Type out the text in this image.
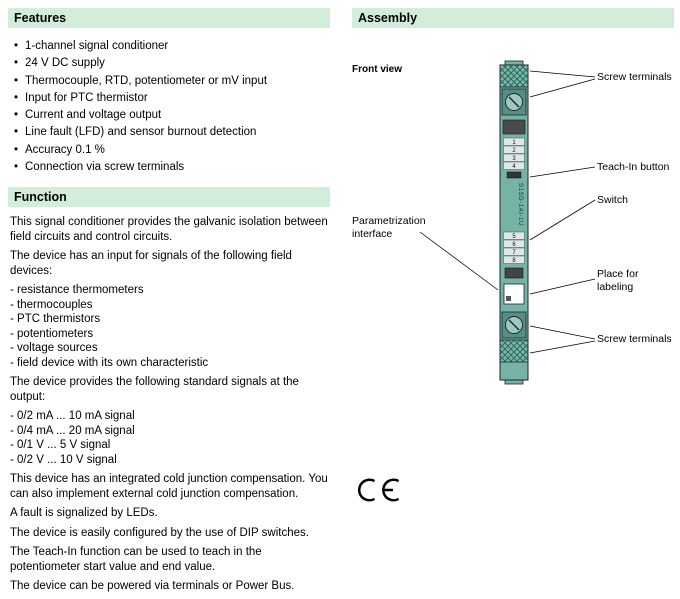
Features
• 1-channel signal conditioner
• 24 V DC supply
• Thermocouple, RTD, potentiometer or mV input
• Input for PTC thermistor
• Current and voltage output
• Line fault (LFD) and sensor burnout detection
• Accuracy 0.1 %
• Connection via screw terminals
Function
This signal conditioner provides the galvanic isolation between field circuits and control circuits.
The device has an input for signals of the following field devices:
- resistance thermometers
- thermocouples
- PTC thermistors
- potentiometers
- voltage sources
- field device with its own characteristic
The device provides the following standard signals at the output:
- 0/2 mA ... 10 mA signal
- 0/4 mA ... 20 mA signal
- 0/1 V ... 5 V signal
- 0/2 V ... 10 V signal
This device has an integrated cold junction compensation. You can also implement external cold junction compensation.
A fault is signalized by LEDs.
The device is easily configured by the use of DIP switches.
The Teach-In function can be used to teach in the potentiometer start value and end value.
The device can be powered via terminals or Power Bus.
Assembly
1
2
3
4
S1SD-1AI-1U
5
6
7
8
Front view
Screw terminals
Teach-In button
Switch
Parametrization interface
Place for labeling
Screw terminals
